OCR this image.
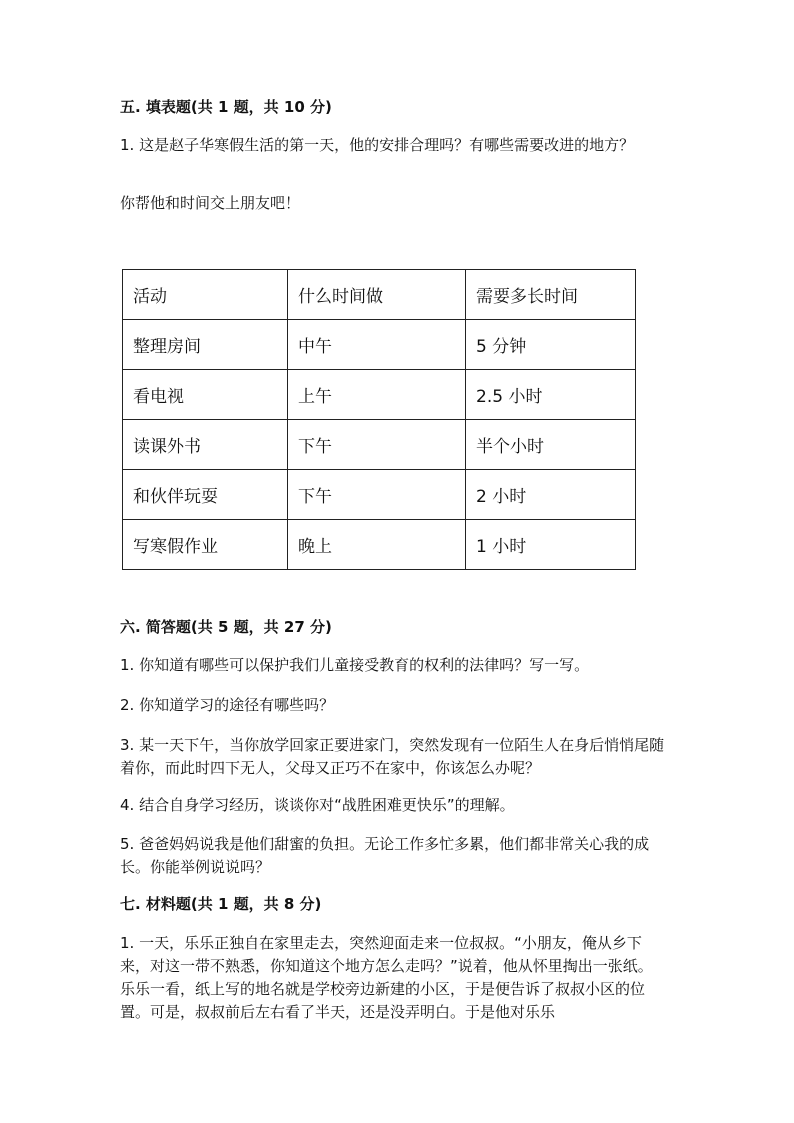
五. 填表题(共 1 题，共 10 分)
1. 这是赵子华寒假生活的第一天，他的安排合理吗？有哪些需要改进的地方？
你帮他和时间交上朋友吧！
活动	什么时间做	需要多长时间
整理房间	中午	5 分钟
看电视	上午	2.5 小时
读课外书	下午	半个小时
和伙伴玩耍	下午	2 小时
写寒假作业	晚上	1 小时
六. 简答题(共 5 题，共 27 分)
1. 你知道有哪些可以保护我们儿童接受教育的权利的法律吗？写一写。
2. 你知道学习的途径有哪些吗？
3. 某一天下午，当你放学回家正要进家门，突然发现有一位陌生人在身后悄悄尾随着你，而此时四下无人，父母又正巧不在家中，你该怎么办呢？
4. 结合自身学习经历，谈谈你对“战胜困难更快乐”的理解。
5. 爸爸妈妈说我是他们甜蜜的负担。无论工作多忙多累，他们都非常关心我的成长。你能举例说说吗？
七. 材料题(共 1 题，共 8 分)
1. 一天，乐乐正独自在家里走去，突然迎面走来一位叔叔。“小朋友，俺从乡下来，对这一带不熟悉，你知道这个地方怎么走吗？”说着，他从怀里掏出一张纸。乐乐一看，纸上写的地名就是学校旁边新建的小区，于是便告诉了叔叔小区的位置。可是，叔叔前后左右看了半天，还是没弄明白。于是他对乐乐
